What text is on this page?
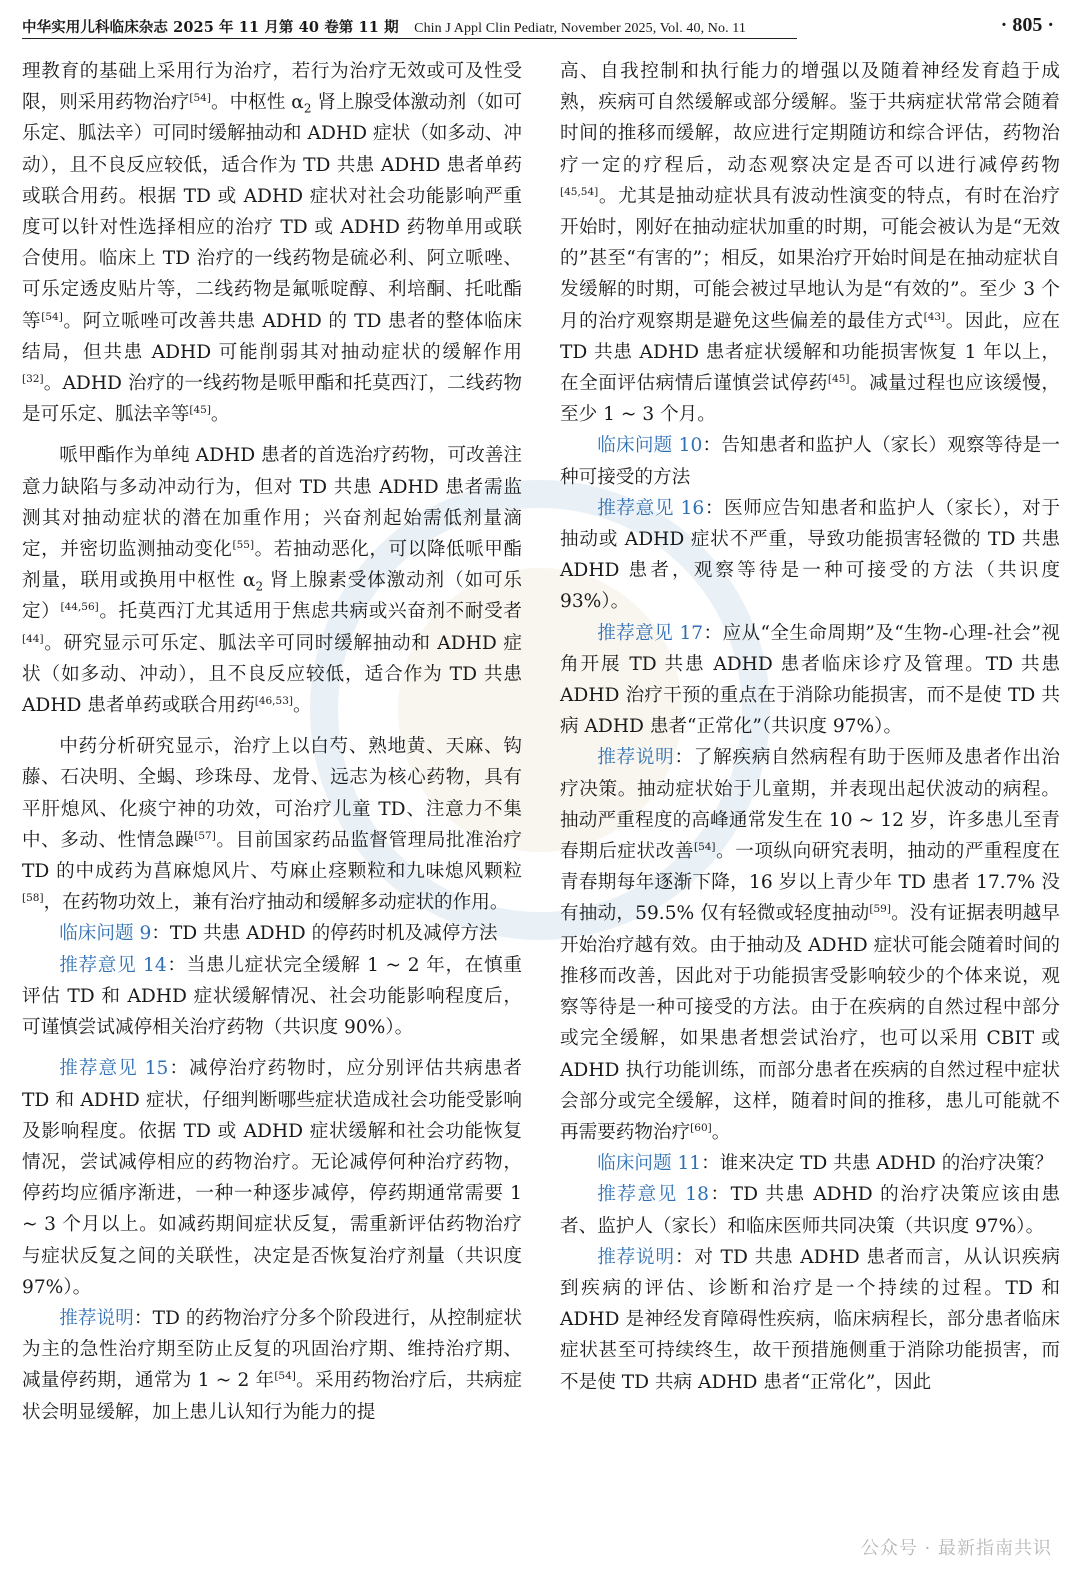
中华实用儿科临床杂志 2025 年 11 月第 40 卷第 11 期 Chin J Appl Clin Pediatr, November 2025, Vol. 40, No. 11	· 805 ·

理教育的基础上采用行为治疗，若行为治疗无效或可及性受限，则采用药物治疗[54]。中枢性 $\alpha_2$ 肾上腺受体激动剂（如可乐定、胍法辛）可同时缓解抽动和 ADHD 症状（如多动、冲动），且不良反应较低，适合作为 TD 共患 ADHD 患者单药或联合用药。根据 TD 或 ADHD 症状对社会功能影响严重度可以针对性选择相应的治疗 TD 或 ADHD 药物单用或联合使用。临床上 TD 治疗的一线药物是硫必利、阿立哌唑、可乐定透皮贴片等，二线药物是氟哌啶醇、利培酮、托吡酯等[54]。阿立哌唑可改善共患 ADHD 的 TD 患者的整体临床结局，但共患 ADHD 可能削弱其对抽动症状的缓解作用[32]。ADHD 治疗的一线药物是哌甲酯和托莫西汀，二线药物是可乐定、胍法辛等[45]。

哌甲酯作为单纯 ADHD 患者的首选治疗药物，可改善注意力缺陷与多动冲动行为，但对 TD 共患 ADHD 患者需监测其对抽动症状的潜在加重作用；兴奋剂起始需低剂量滴定，并密切监测抽动变化[55]。若抽动恶化，可以降低哌甲酯剂量，联用或换用中枢性 $\alpha_2$ 肾上腺素受体激动剂（如可乐定）[44,56]。托莫西汀尤其适用于焦虑共病或兴奋剂不耐受者[44]。研究显示可乐定、胍法辛可同时缓解抽动和 ADHD 症状（如多动、冲动），且不良反应较低，适合作为 TD 共患 ADHD 患者单药或联合用药[46,53]。

中药分析研究显示，治疗上以白芍、熟地黄、天麻、钩藤、石决明、全蝎、珍珠母、龙骨、远志为核心药物，具有平肝熄风、化痰宁神的功效，可治疗儿童 TD、注意力不集中、多动、性情急躁[57]。目前国家药品监督管理局批准治疗 TD 的中成药为菖麻熄风片、芍麻止痉颗粒和九味熄风颗粒[58]，在药物功效上，兼有治疗抽动和缓解多动症状的作用。

临床问题 9：TD 共患 ADHD 的停药时机及减停方法

推荐意见 14：当患儿症状完全缓解 1 ~ 2 年，在慎重评估 TD 和 ADHD 症状缓解情况、社会功能影响程度后，可谨慎尝试减停相关治疗药物（共识度 90%）。

推荐意见 15：减停治疗药物时，应分别评估共病患者 TD 和 ADHD 症状，仔细判断哪些症状造成社会功能受影响及影响程度。依据 TD 或 ADHD 症状缓解和社会功能恢复情况，尝试减停相应的药物治疗。无论减停何种治疗药物，停药均应循序渐进，一种一种逐步减停，停药期通常需要 1 ~ 3 个月以上。如减药期间症状反复，需重新评估药物治疗与症状反复之间的关联性，决定是否恢复治疗剂量（共识度 97%）。

推荐说明：TD 的药物治疗分多个阶段进行，从控制症状为主的急性治疗期至防止反复的巩固治疗期、维持治疗期、减量停药期，通常为 1 ~ 2 年[54]。采用药物治疗后，共病症状会明显缓解，加上患儿认知行为能力的提

高、自我控制和执行能力的增强以及随着神经发育趋于成熟，疾病可自然缓解或部分缓解。鉴于共病症状常常会随着时间的推移而缓解，故应进行定期随访和综合评估，药物治疗一定的疗程后，动态观察决定是否可以进行减停药物[45,54]。尤其是抽动症状具有波动性演变的特点，有时在治疗开始时，刚好在抽动症状加重的时期，可能会被认为是“无效的”甚至“有害的”；相反，如果治疗开始时间是在抽动症状自发缓解的时期，可能会被过早地认为是“有效的”。至少 3 个月的治疗观察期是避免这些偏差的最佳方式[43]。因此，应在 TD 共患 ADHD 患者症状缓解和功能损害恢复 1 年以上，在全面评估病情后谨慎尝试停药[45]。减量过程也应该缓慢，至少 1 ~ 3 个月。

临床问题 10：告知患者和监护人（家长）观察等待是一种可接受的方法

推荐意见 16：医师应告知患者和监护人（家长），对于抽动或 ADHD 症状不严重，导致功能损害轻微的 TD 共患 ADHD 患者，观察等待是一种可接受的方法（共识度 93%）。

推荐意见 17：应从“全生命周期”及“生物-心理-社会”视角开展 TD 共患 ADHD 患者临床诊疗及管理。TD 共患 ADHD 治疗干预的重点在于消除功能损害，而不是使 TD 共病 ADHD 患者“正常化”（共识度 97%）。

推荐说明：了解疾病自然病程有助于医师及患者作出治疗决策。抽动症状始于儿童期，并表现出起伏波动的病程。抽动严重程度的高峰通常发生在 10 ~ 12 岁，许多患儿至青春期后症状改善[54]。一项纵向研究表明，抽动的严重程度在青春期每年逐渐下降，16 岁以上青少年 TD 患者 17.7% 没有抽动，59.5% 仅有轻微或轻度抽动[59]。没有证据表明越早开始治疗越有效。由于抽动及 ADHD 症状可能会随着时间的推移而改善，因此对于功能损害受影响较少的个体来说，观察等待是一种可接受的方法。由于在疾病的自然过程中部分或完全缓解，如果患者想尝试治疗，也可以采用 CBIT 或 ADHD 执行功能训练，而部分患者在疾病的自然过程中症状会部分或完全缓解，这样，随着时间的推移，患儿可能就不再需要药物治疗[60]。

临床问题 11：谁来决定 TD 共患 ADHD 的治疗决策？

推荐意见 18：TD 共患 ADHD 的治疗决策应该由患者、监护人（家长）和临床医师共同决策（共识度 97%）。

推荐说明：对 TD 共患 ADHD 患者而言，从认识疾病到疾病的评估、诊断和治疗是一个持续的过程。TD 和 ADHD 是神经发育障碍性疾病，临床病程长，部分患者临床症状甚至可持续终生，故干预措施侧重于消除功能损害，而不是使 TD 共病 ADHD 患者“正常化”，因此

公众号 · 最新指南共识
